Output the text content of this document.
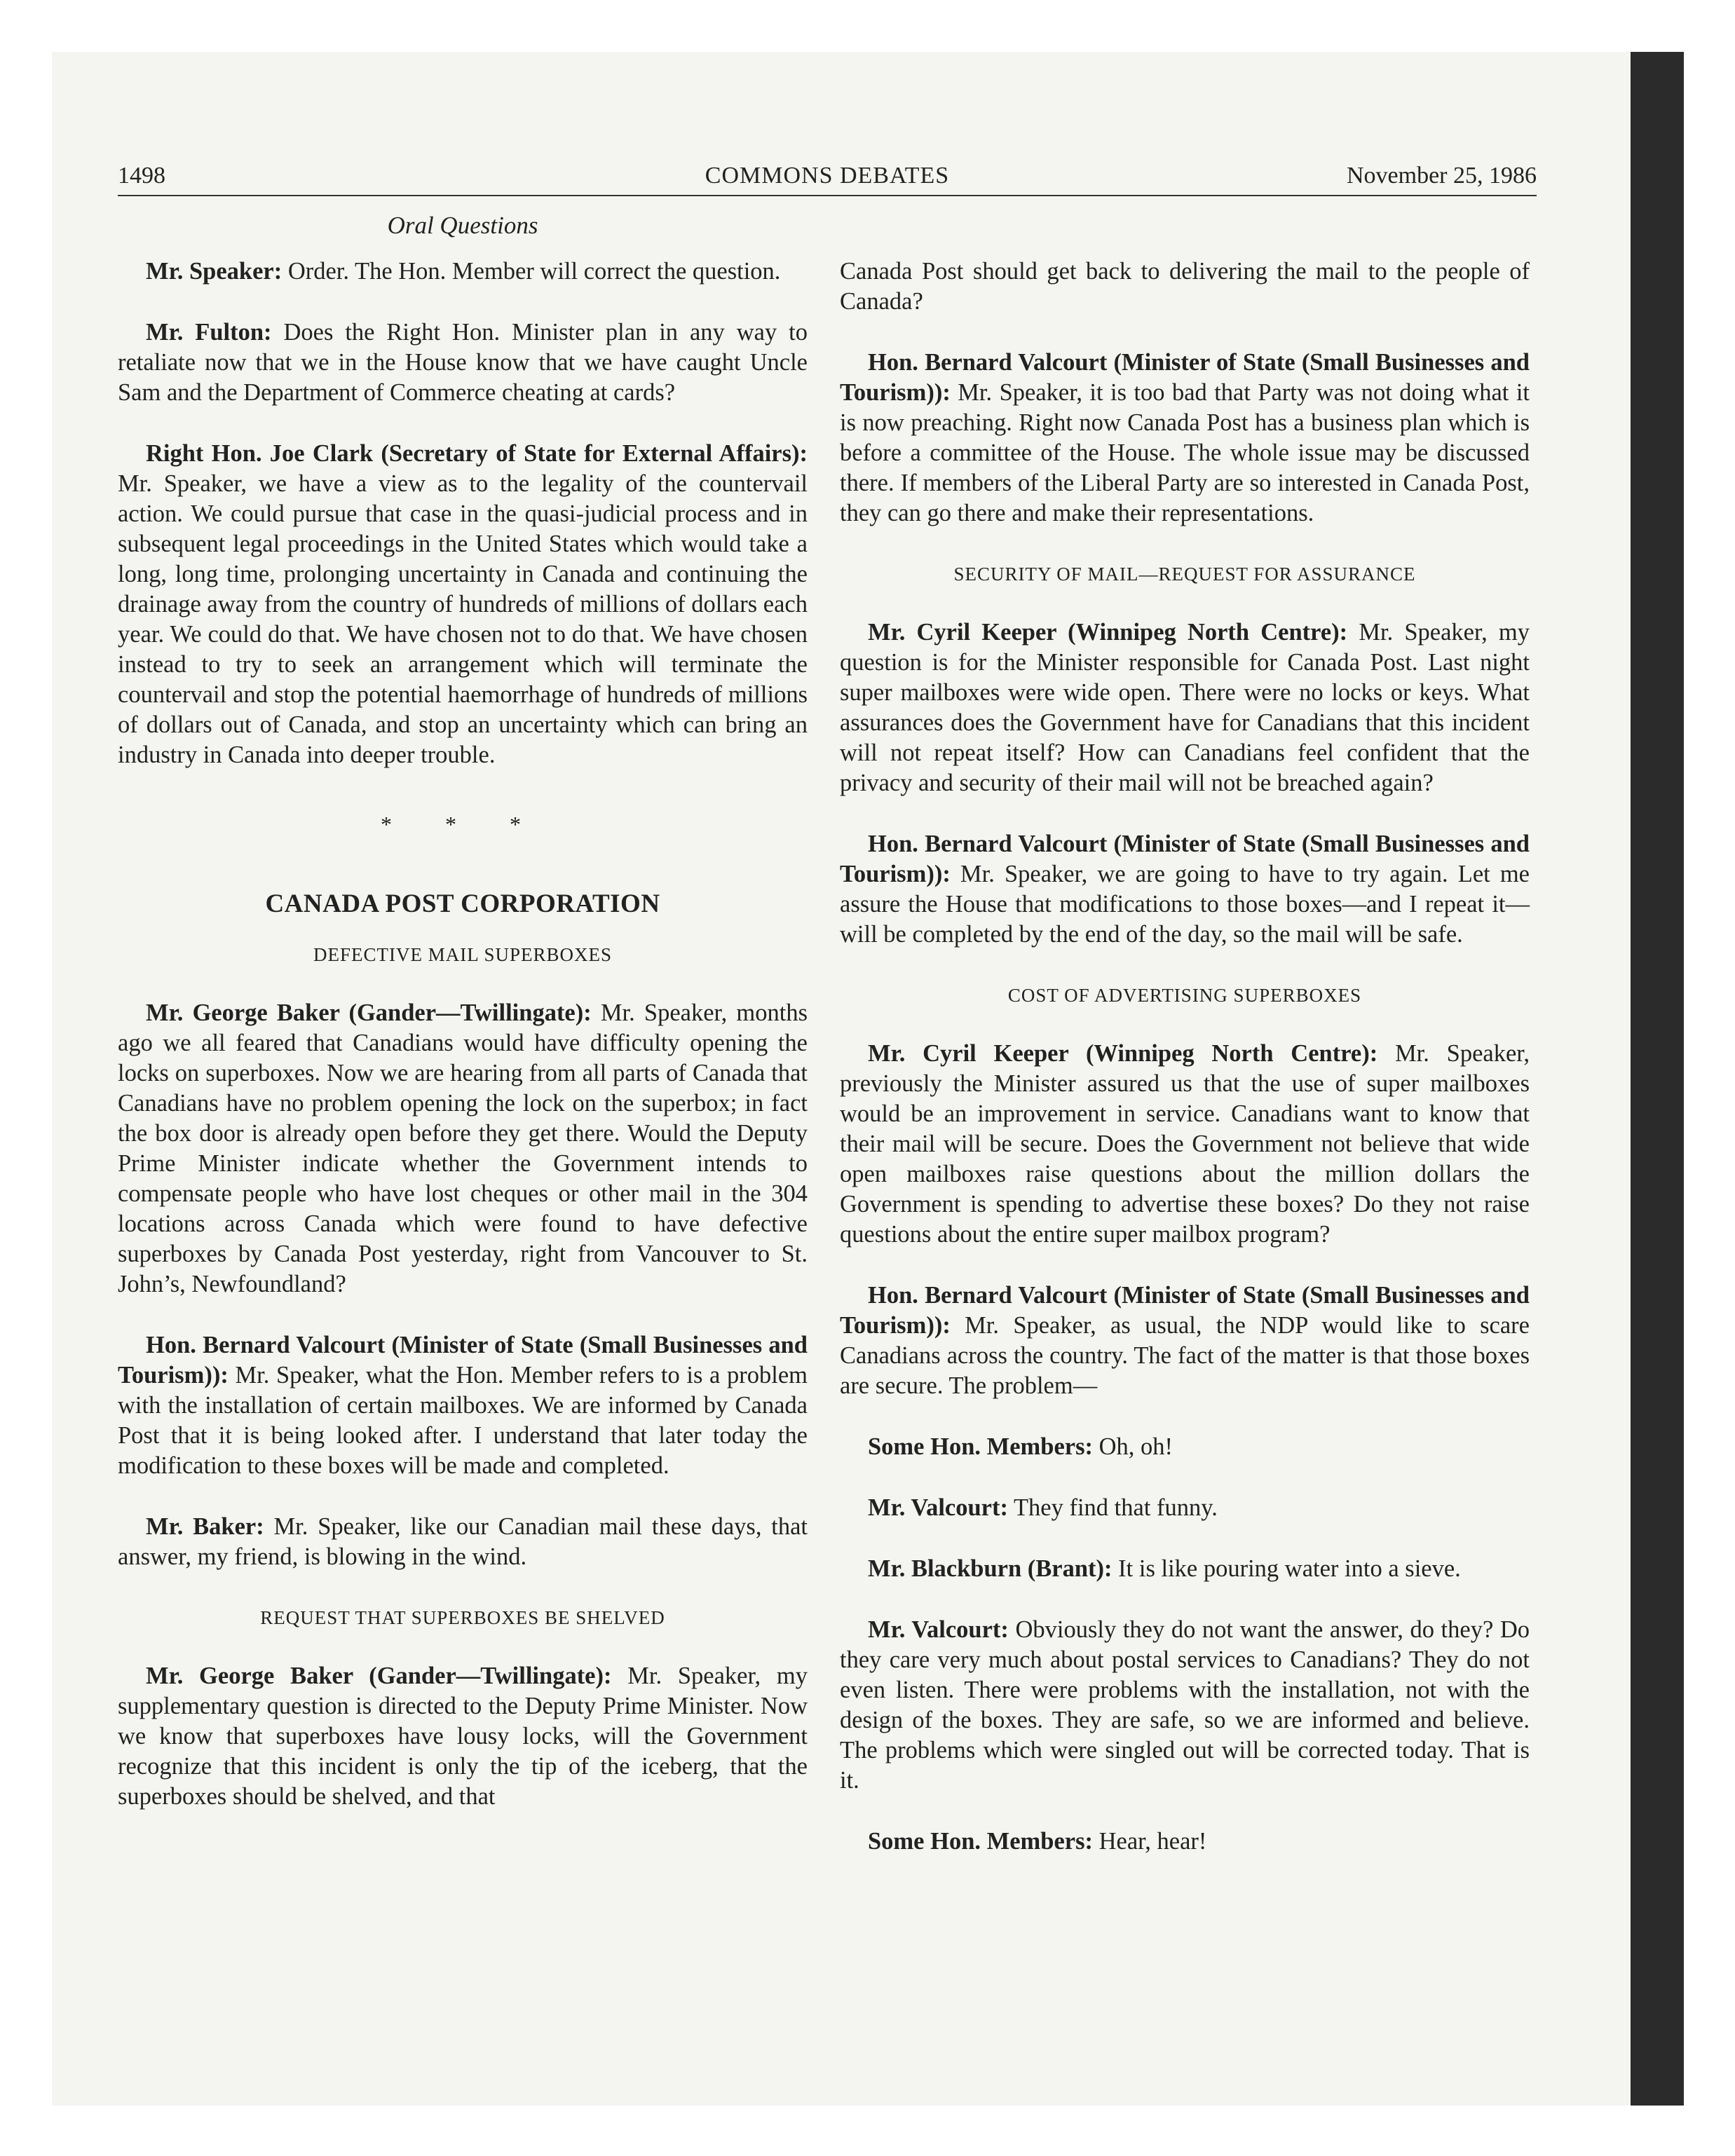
1498	COMMONS DEBATES	November 25, 1986
Oral Questions

Mr. Speaker: Order. The Hon. Member will correct the question.

Mr. Fulton: Does the Right Hon. Minister plan in any way to retaliate now that we in the House know that we have caught Uncle Sam and the Department of Commerce cheating at cards?

Right Hon. Joe Clark (Secretary of State for External Affairs): Mr. Speaker, we have a view as to the legality of the countervail action. We could pursue that case in the quasi-judicial process and in subsequent legal proceedings in the United States which would take a long, long time, prolonging uncertainty in Canada and continuing the drainage away from the country of hundreds of millions of dollars each year. We could do that. We have chosen not to do that. We have chosen instead to try to seek an arrangement which will terminate the countervail and stop the potential haemorrhage of hundreds of millions of dollars out of Canada, and stop an uncertainty which can bring an industry in Canada into deeper trouble.

* * *
CANADA POST CORPORATION
DEFECTIVE MAIL SUPERBOXES

Mr. George Baker (Gander—Twillingate): Mr. Speaker, months ago we all feared that Canadians would have difficulty opening the locks on superboxes. Now we are hearing from all parts of Canada that Canadians have no problem opening the lock on the superbox; in fact the box door is already open before they get there. Would the Deputy Prime Minister indicate whether the Government intends to compensate people who have lost cheques or other mail in the 304 locations across Canada which were found to have defective superboxes by Canada Post yesterday, right from Vancouver to St. John’s, Newfoundland?

Hon. Bernard Valcourt (Minister of State (Small Businesses and Tourism)): Mr. Speaker, what the Hon. Member refers to is a problem with the installation of certain mailboxes. We are informed by Canada Post that it is being looked after. I understand that later today the modification to these boxes will be made and completed.

Mr. Baker: Mr. Speaker, like our Canadian mail these days, that answer, my friend, is blowing in the wind.

REQUEST THAT SUPERBOXES BE SHELVED

Mr. George Baker (Gander—Twillingate): Mr. Speaker, my supplementary question is directed to the Deputy Prime Minister. Now we know that superboxes have lousy locks, will the Government recognize that this incident is only the tip of the iceberg, that the superboxes should be shelved, and that

Canada Post should get back to delivering the mail to the people of Canada?

Hon. Bernard Valcourt (Minister of State (Small Businesses and Tourism)): Mr. Speaker, it is too bad that Party was not doing what it is now preaching. Right now Canada Post has a business plan which is before a committee of the House. The whole issue may be discussed there. If members of the Liberal Party are so interested in Canada Post, they can go there and make their representations.

SECURITY OF MAIL—REQUEST FOR ASSURANCE

Mr. Cyril Keeper (Winnipeg North Centre): Mr. Speaker, my question is for the Minister responsible for Canada Post. Last night super mailboxes were wide open. There were no locks or keys. What assurances does the Government have for Canadians that this incident will not repeat itself? How can Canadians feel confident that the privacy and security of their mail will not be breached again?

Hon. Bernard Valcourt (Minister of State (Small Businesses and Tourism)): Mr. Speaker, we are going to have to try again. Let me assure the House that modifications to those boxes—and I repeat it—will be completed by the end of the day, so the mail will be safe.

COST OF ADVERTISING SUPERBOXES

Mr. Cyril Keeper (Winnipeg North Centre): Mr. Speaker, previously the Minister assured us that the use of super mailboxes would be an improvement in service. Canadians want to know that their mail will be secure. Does the Government not believe that wide open mailboxes raise questions about the million dollars the Government is spending to advertise these boxes? Do they not raise questions about the entire super mailbox program?

Hon. Bernard Valcourt (Minister of State (Small Businesses and Tourism)): Mr. Speaker, as usual, the NDP would like to scare Canadians across the country. The fact of the matter is that those boxes are secure. The problem—

Some Hon. Members: Oh, oh!

Mr. Valcourt: They find that funny.

Mr. Blackburn (Brant): It is like pouring water into a sieve.

Mr. Valcourt: Obviously they do not want the answer, do they? Do they care very much about postal services to Canadians? They do not even listen. There were problems with the installation, not with the design of the boxes. They are safe, so we are informed and believe. The problems which were singled out will be corrected today. That is it.

Some Hon. Members: Hear, hear!
